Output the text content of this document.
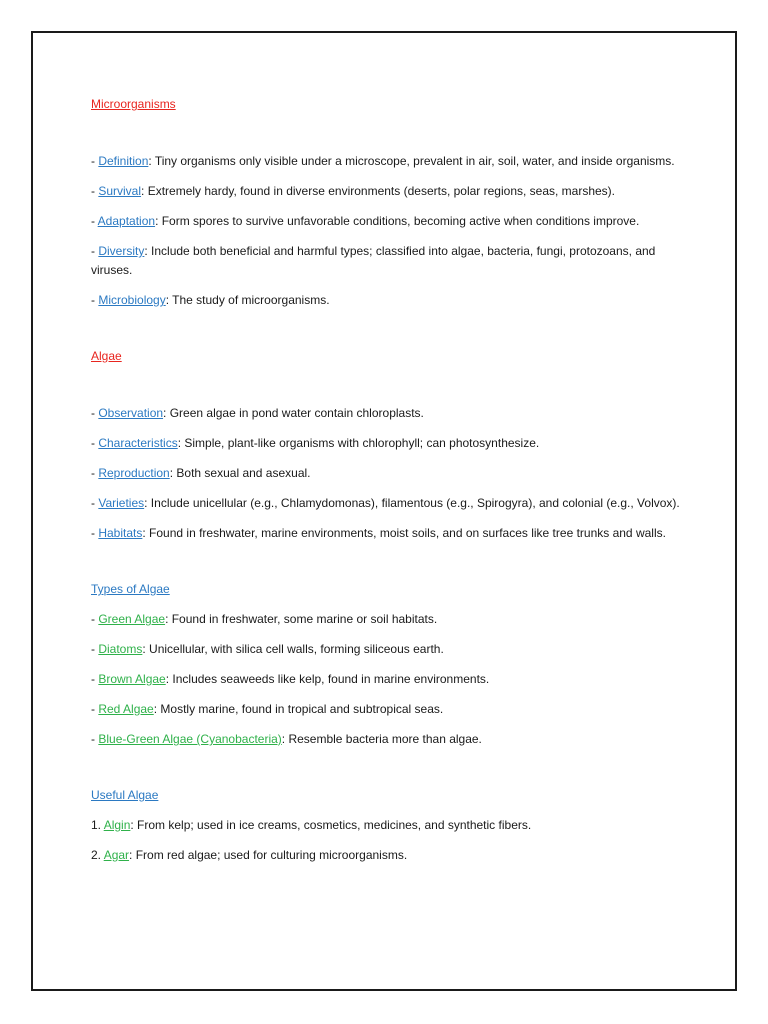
Microorganisms

- Definition: Tiny organisms only visible under a microscope, prevalent in air, soil, water, and inside organisms.

- Survival: Extremely hardy, found in diverse environments (deserts, polar regions, seas, marshes).

- Adaptation: Form spores to survive unfavorable conditions, becoming active when conditions improve.

- Diversity: Include both beneficial and harmful types; classified into algae, bacteria, fungi, protozoans, and viruses.

- Microbiology: The study of microorganisms.

Algae

- Observation: Green algae in pond water contain chloroplasts.

- Characteristics: Simple, plant-like organisms with chlorophyll; can photosynthesize.

- Reproduction: Both sexual and asexual.

- Varieties: Include unicellular (e.g., Chlamydomonas), filamentous (e.g., Spirogyra), and colonial (e.g., Volvox).

- Habitats: Found in freshwater, marine environments, moist soils, and on surfaces like tree trunks and walls.

Types of Algae

- Green Algae: Found in freshwater, some marine or soil habitats.

- Diatoms: Unicellular, with silica cell walls, forming siliceous earth.

- Brown Algae: Includes seaweeds like kelp, found in marine environments.

- Red Algae: Mostly marine, found in tropical and subtropical seas.

- Blue-Green Algae (Cyanobacteria): Resemble bacteria more than algae.

Useful Algae

1. Algin: From kelp; used in ice creams, cosmetics, medicines, and synthetic fibers.

2. Agar: From red algae; used for culturing microorganisms.
